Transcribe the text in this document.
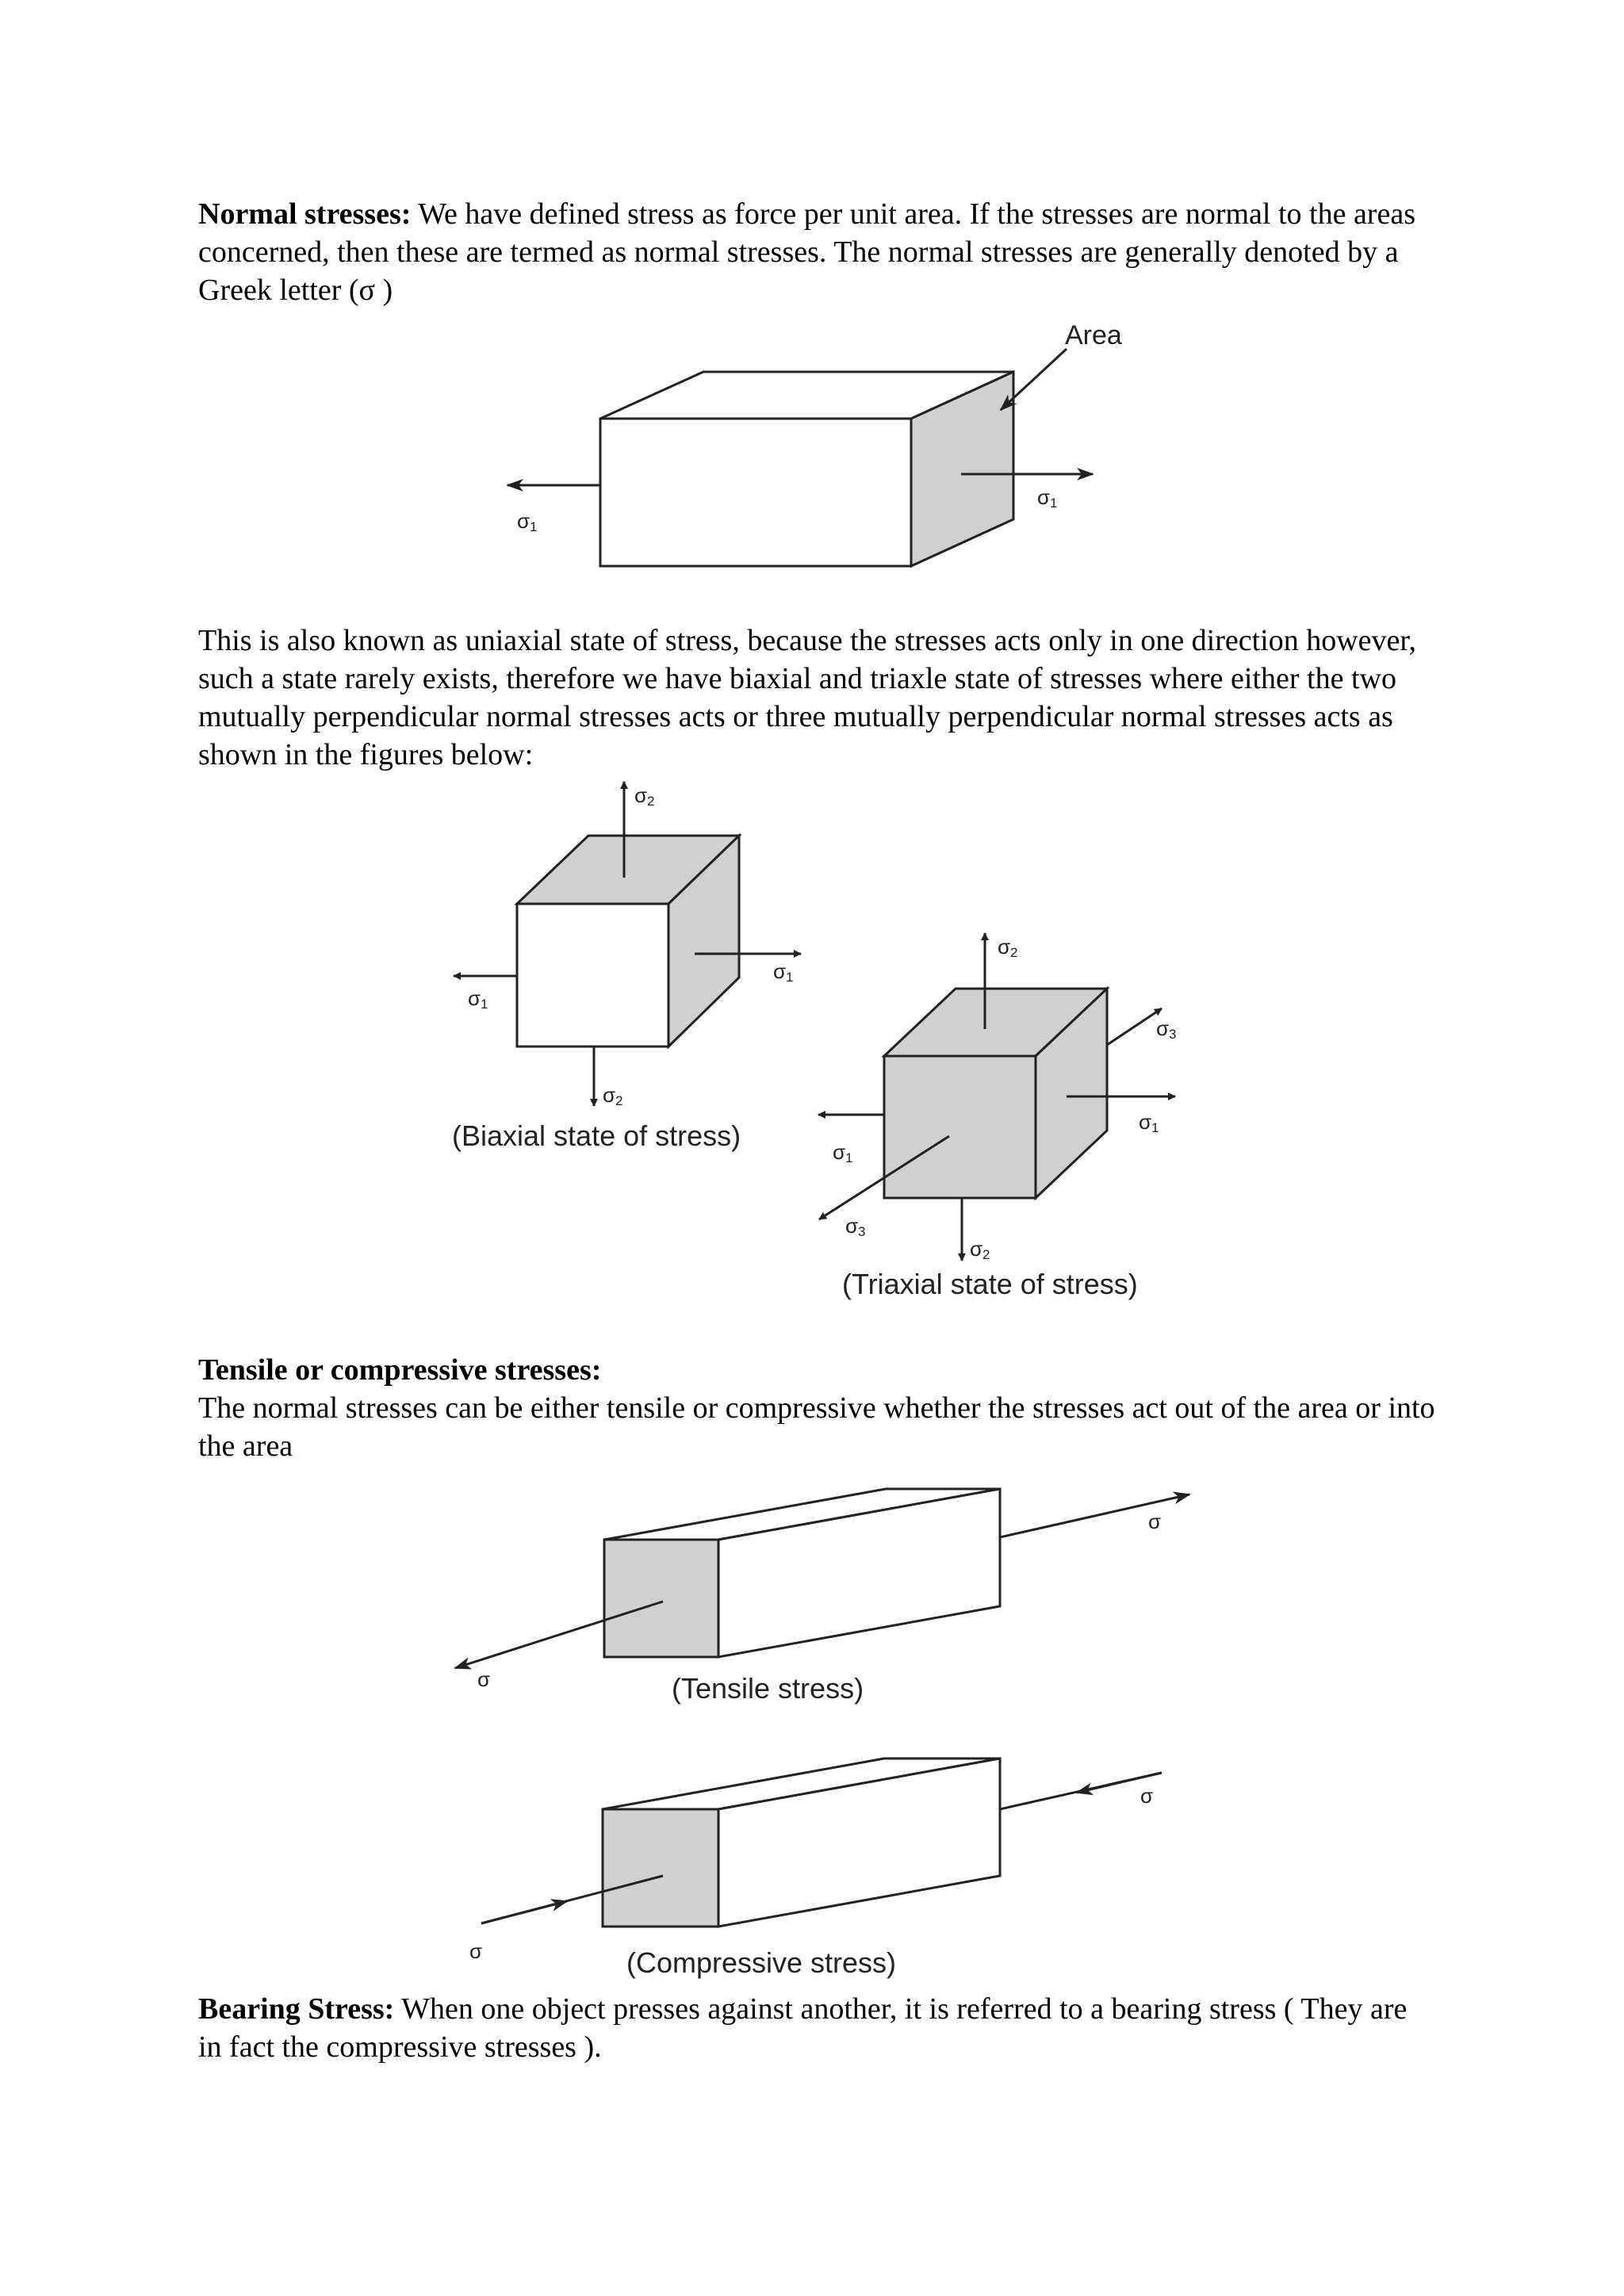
Normal stresses: We have defined stress as force per unit area. If the stresses are normal to the areas concerned, then these are termed as normal stresses. The normal stresses are generally denoted by a Greek letter (σ )

Area
σ1
σ1
σ2
σ1
σ1
σ2
(Biaxial state of stress)
σ2
σ3
σ1
σ1
σ3
σ2
(Triaxial state of stress)
σ
σ
(Tensile stress)
σ
σ
(Compressive stress)

This is also known as uniaxial state of stress, because the stresses acts only in one direction however, such a state rarely exists, therefore we have biaxial and triaxle state of stresses where either the two mutually perpendicular normal stresses acts or three mutually perpendicular normal stresses acts as shown in the figures below:

Tensile or compressive stresses:
The normal stresses can be either tensile or compressive whether the stresses act out of the area or into the area

Bearing Stress: When one object presses against another, it is referred to a bearing stress ( They are in fact the compressive stresses ).
